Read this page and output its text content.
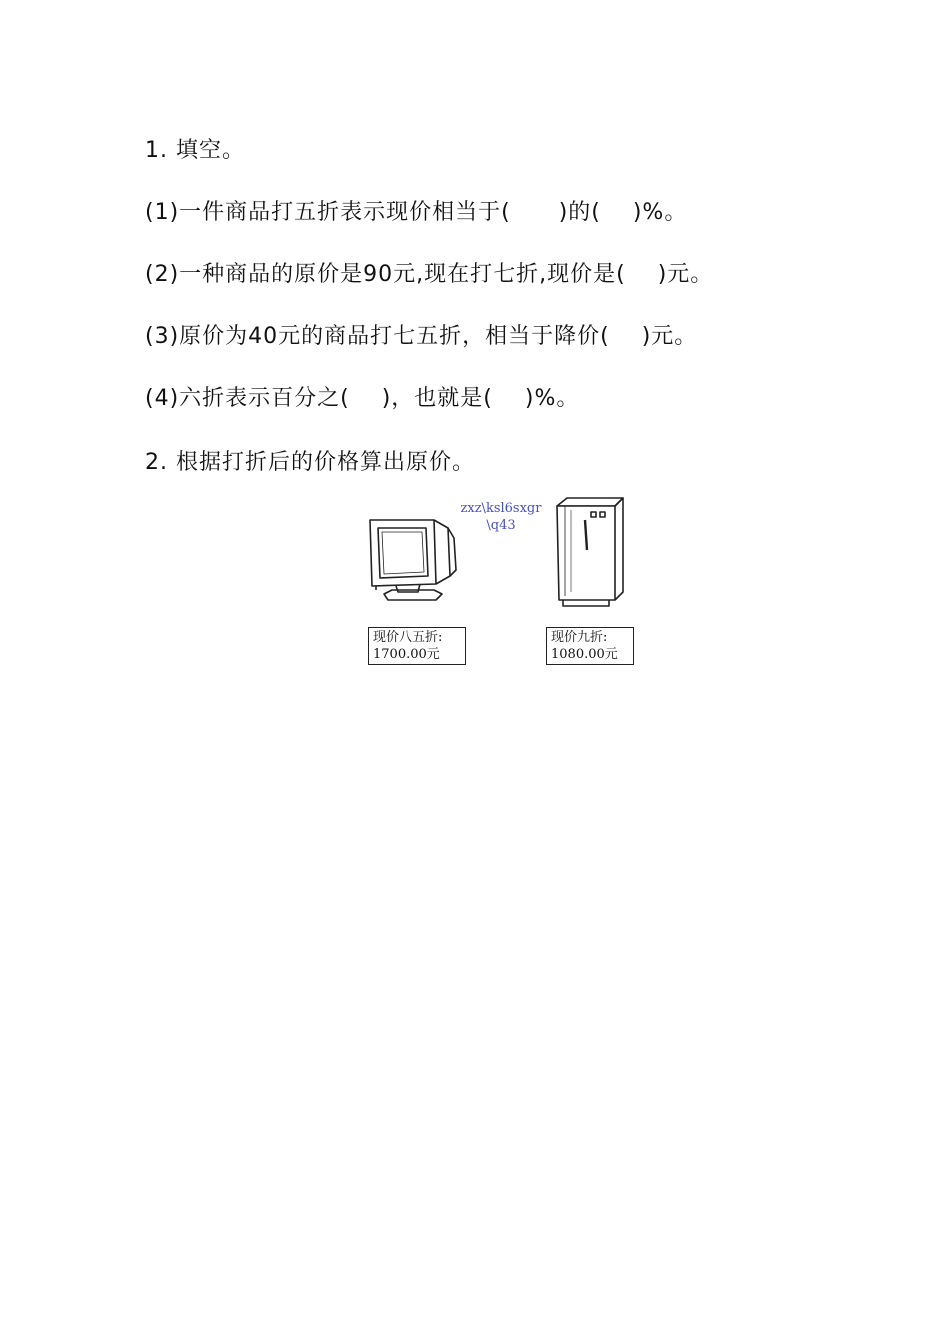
1. 填空。
(1)一件商品打五折表示现价相当于(      )的(    )%。
(2)一种商品的原价是90元,现在打七折,现价是(    )元。
(3)原价为40元的商品打七五折，相当于降价(    )元。
(4)六折表示百分之(    )，也就是(    )%。
2. 根据打折后的价格算出原价。
zxz\ksl6sxgr
\q43
现价八五折:
1700.00元
现价九折:
1080.00元
